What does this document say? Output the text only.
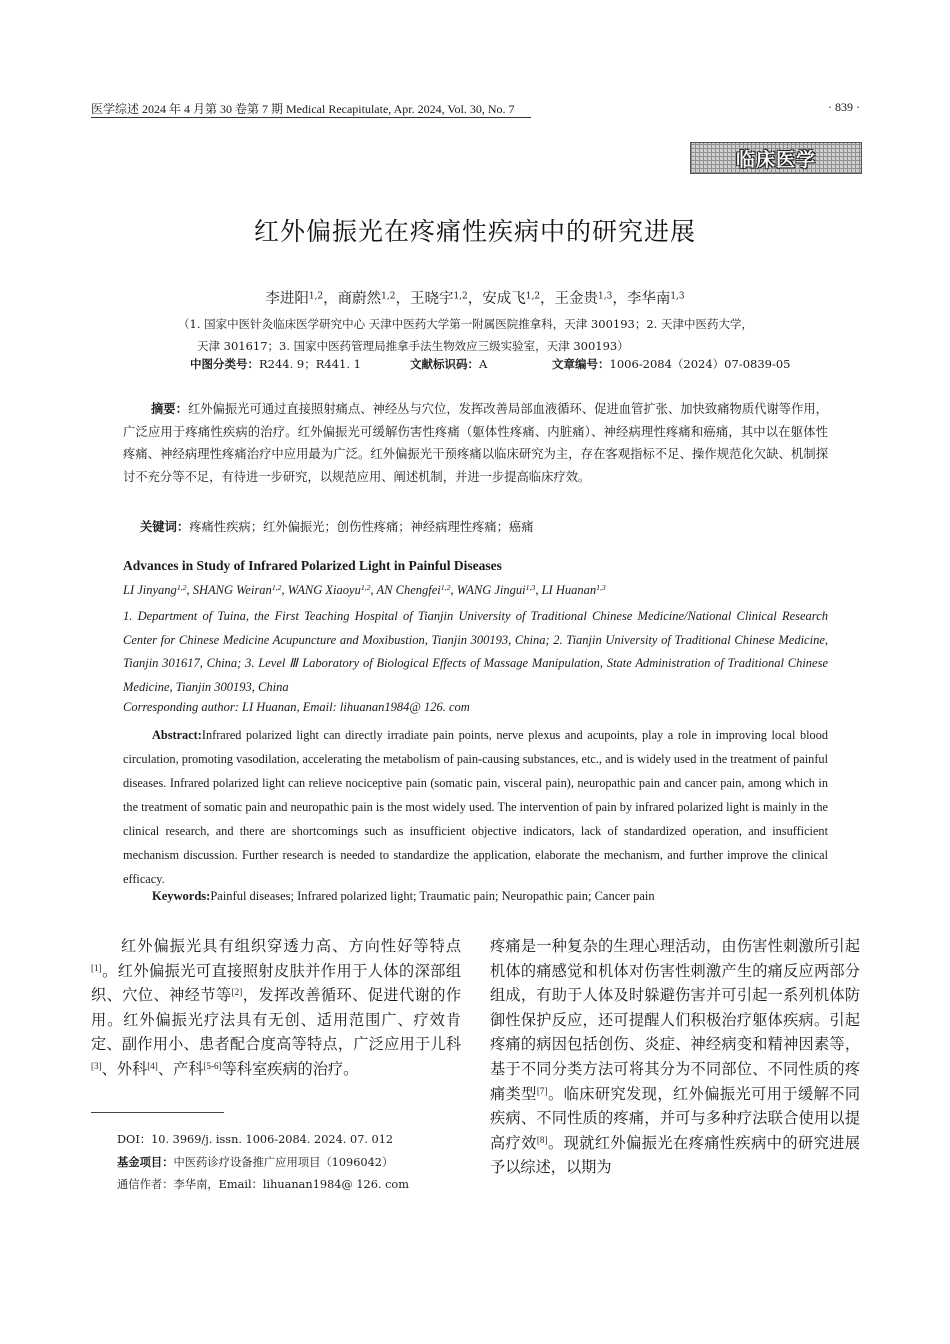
医学综述 2024 年 4 月第 30 卷第 7 期 Medical Recapitulate, Apr. 2024, Vol. 30, No. 7	· 839 ·
临床医学
红外偏振光在疼痛性疾病中的研究进展
李进阳$^{1,2}$，商蔚然$^{1,2}$，王晓宇$^{1,2}$，安成飞$^{1,2}$，王金贵$^{1,3}$，李华南$^{1,3}$
（1. 国家中医针灸临床医学研究中心 天津中医药大学第一附属医院推拿科，天津 300193；2. 天津中医药大学，
天津 301617；3. 国家中医药管理局推拿手法生物效应三级实验室，天津 300193）
中图分类号：R244. 9；R441. 1	文献标识码：A	文章编号：1006-2084（2024）07-0839-05
摘要：红外偏振光可通过直接照射痛点、神经丛与穴位，发挥改善局部血液循环、促进血管扩张、加快致痛物质代谢等作用，广泛应用于疼痛性疾病的治疗。红外偏振光可缓解伤害性疼痛（躯体性疼痛、内脏痛）、神经病理性疼痛和癌痛，其中以在躯体性疼痛、神经病理性疼痛治疗中应用最为广泛。红外偏振光干预疼痛以临床研究为主，存在客观指标不足、操作规范化欠缺、机制探讨不充分等不足，有待进一步研究，以规范应用、阐述机制，并进一步提高临床疗效。
关键词：疼痛性疾病；红外偏振光；创伤性疼痛；神经病理性疼痛；癌痛
Advances in Study of Infrared Polarized Light in Painful Diseases
LI Jinyang$^{1,2}$, SHANG Weiran$^{1,2}$, WANG Xiaoyu$^{1,2}$, AN Chengfei$^{1,2}$, WANG Jingui$^{1,3}$, LI Huanan$^{1,3}$
1. Department of Tuina, the First Teaching Hospital of Tianjin University of Traditional Chinese Medicine/National Clinical Research Center for Chinese Medicine Acupuncture and Moxibustion, Tianjin 300193, China; 2. Tianjin University of Traditional Chinese Medicine, Tianjin 301617, China; 3. Level Ⅲ Laboratory of Biological Effects of Massage Manipulation, State Administration of Traditional Chinese Medicine, Tianjin 300193, China
Corresponding author: LI Huanan, Email: lihuanan1984@ 126. com
Abstract:Infrared polarized light can directly irradiate pain points, nerve plexus and acupoints, play a role in improving local blood circulation, promoting vasodilation, accelerating the metabolism of pain-causing substances, etc., and is widely used in the treatment of painful diseases. Infrared polarized light can relieve nociceptive pain (somatic pain, visceral pain), neuropathic pain and cancer pain, among which in the treatment of somatic pain and neuropathic pain is the most widely used. The intervention of pain by infrared polarized light is mainly in the clinical research, and there are shortcomings such as insufficient objective indicators, lack of standardized operation, and insufficient mechanism discussion. Further research is needed to standardize the application, elaborate the mechanism, and further improve the clinical efficacy.
Keywords:Painful diseases; Infrared polarized light; Traumatic pain; Neuropathic pain; Cancer pain
红外偏振光具有组织穿透力高、方向性好等特点[1]。红外偏振光可直接照射皮肤并作用于人体的深部组织、穴位、神经节等[2]，发挥改善循环、促进代谢的作用。红外偏振光疗法具有无创、适用范围广、疗效肯定、副作用小、患者配合度高等特点，广泛应用于儿科[3]、外科[4]、产科[5-6]等科室疾病的治疗。
疼痛是一种复杂的生理心理活动，由伤害性刺激所引起机体的痛感觉和机体对伤害性刺激产生的痛反应两部分组成，有助于人体及时躲避伤害并可引起一系列机体防御性保护反应，还可提醒人们积极治疗躯体疾病。引起疼痛的病因包括创伤、炎症、神经病变和精神因素等，基于不同分类方法可将其分为不同部位、不同性质的疼痛类型[7]。临床研究发现，红外偏振光可用于缓解不同疾病、不同性质的疼痛，并可与多种疗法联合使用以提高疗效[8]。现就红外偏振光在疼痛性疾病中的研究进展予以综述，以期为
DOI：10. 3969/j. issn. 1006-2084. 2024. 07. 012
基金项目：中医药诊疗设备推广应用项目（1096042）
通信作者：李华南，Email：lihuanan1984@ 126. com
